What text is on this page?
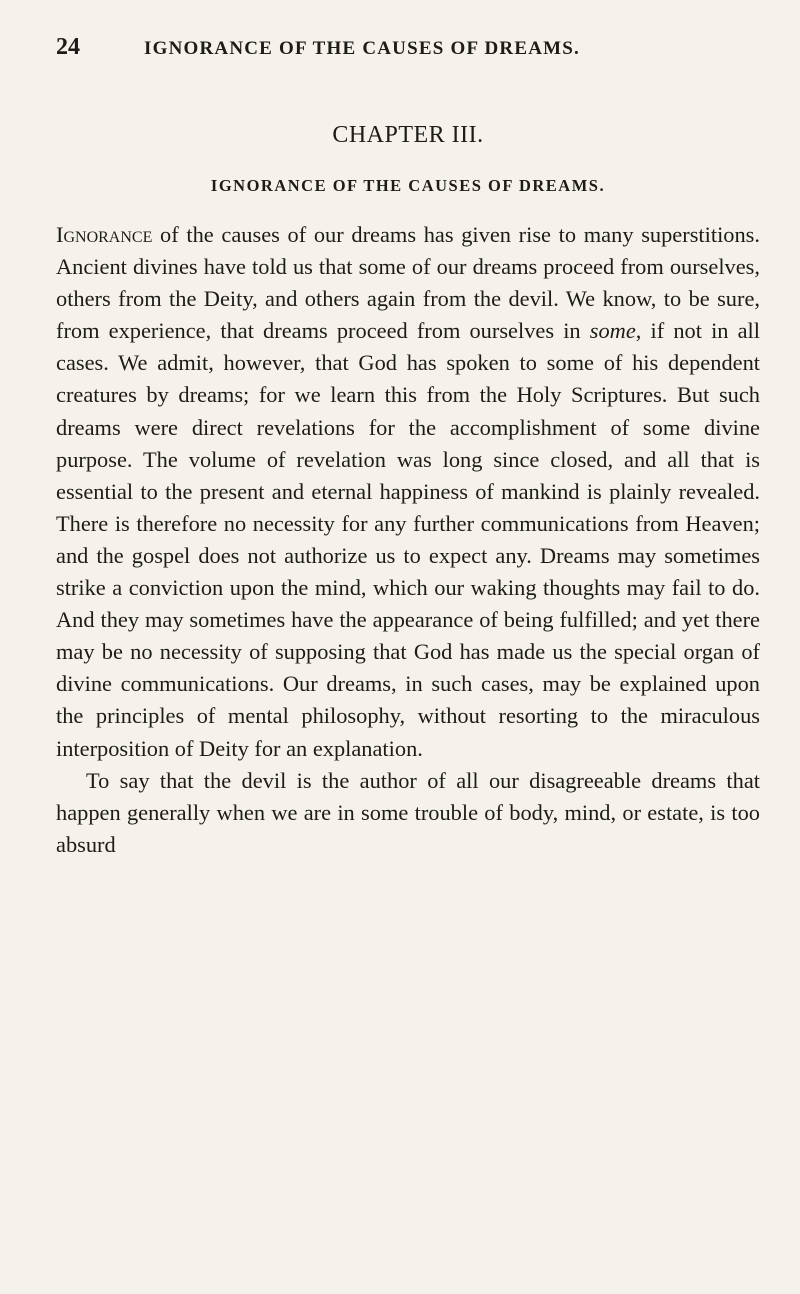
24	IGNORANCE OF THE CAUSES OF DREAMS.
CHAPTER III.
IGNORANCE OF THE CAUSES OF DREAMS.

Ignorance of the causes of our dreams has given rise to many superstitions. Ancient divines have told us that some of our dreams proceed from ourselves, others from the Deity, and others again from the devil. We know, to be sure, from experience, that dreams proceed from ourselves in some, if not in all cases. We admit, however, that God has spoken to some of his dependent creatures by dreams; for we learn this from the Holy Scriptures. But such dreams were direct revelations for the accomplishment of some divine purpose. The volume of revelation was long since closed, and all that is essential to the present and eternal happiness of mankind is plainly revealed. There is therefore no necessity for any further communications from Heaven; and the gospel does not authorize us to expect any. Dreams may sometimes strike a conviction upon the mind, which our waking thoughts may fail to do. And they may sometimes have the appearance of being fulfilled; and yet there may be no necessity of supposing that God has made us the special organ of divine communications. Our dreams, in such cases, may be explained upon the principles of mental philosophy, without resorting to the miraculous interposition of Deity for an explanation.

To say that the devil is the author of all our disagreeable dreams that happen generally when we are in some trouble of body, mind, or estate, is too absurd
